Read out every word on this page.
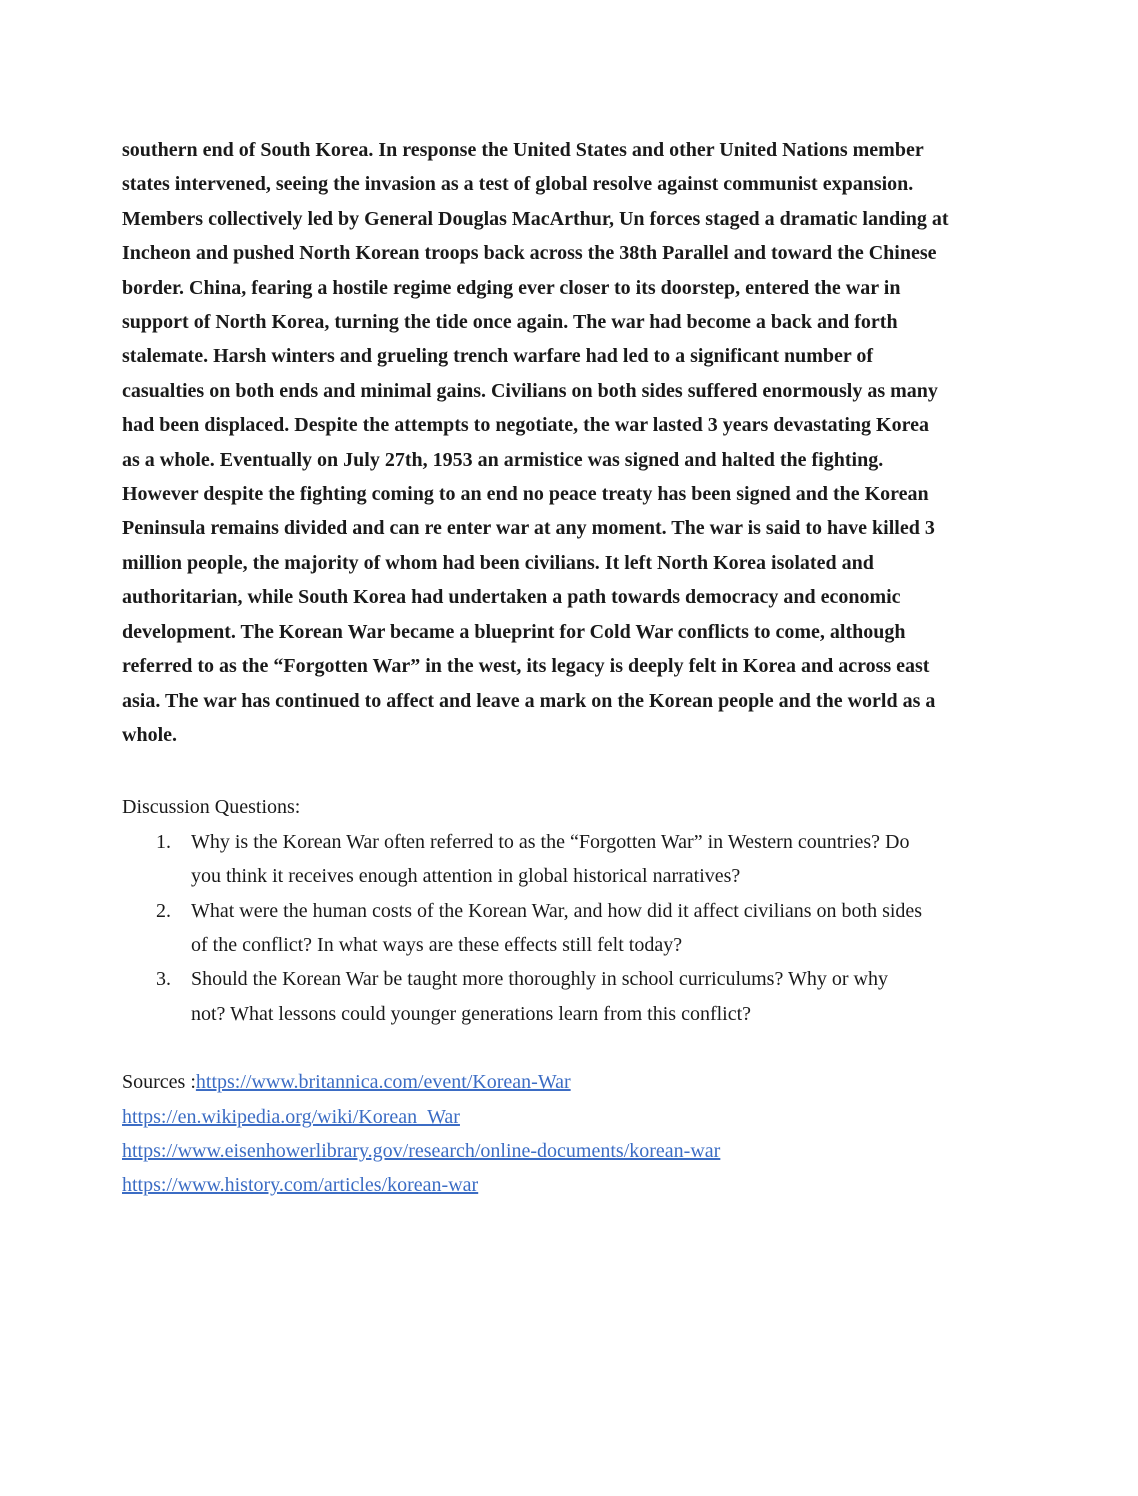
southern end of South Korea. In response the United States and other United Nations member
states intervened, seeing the invasion as a test of global resolve against communist expansion.
Members collectively led by General Douglas MacArthur, Un forces staged a dramatic landing at
Incheon and pushed North Korean troops back across the 38th Parallel and toward the Chinese
border. China, fearing a hostile regime edging ever closer to its doorstep, entered the war in
support of North Korea, turning the tide once again. The war had become a back and forth
stalemate. Harsh winters and grueling trench warfare had led to a significant number of
casualties on both ends and minimal gains. Civilians on both sides suffered enormously as many
had been displaced. Despite the attempts to negotiate, the war lasted 3 years devastating Korea
as a whole. Eventually on July 27th, 1953 an armistice was signed and halted the fighting.
However despite the fighting coming to an end no peace treaty has been signed and the Korean
Peninsula remains divided and can re enter war at any moment. The war is said to have killed 3
million people, the majority of whom had been civilians. It left North Korea isolated and
authoritarian, while South Korea had undertaken a path towards democracy and economic
development. The Korean War became a blueprint for Cold War conflicts to come, although
referred to as the “Forgotten War” in the west, its legacy is deeply felt in Korea and across east
asia. The war has continued to affect and leave a mark on the Korean people and the world as a
whole.

Discussion Questions:

1.	Why is the Korean War often referred to as the “Forgotten War” in Western countries? Do
you think it receives enough attention in global historical narratives?
2.	What were the human costs of the Korean War, and how did it affect civilians on both sides
of the conflict? In what ways are these effects still felt today?
3.	Should the Korean War be taught more thoroughly in school curriculums? Why or why
not? What lessons could younger generations learn from this conflict?
Sources :https://www.britannica.com/event/Korean-War
https://en.wikipedia.org/wiki/Korean_War
https://www.eisenhowerlibrary.gov/research/online-documents/korean-war
https://www.history.com/articles/korean-war
